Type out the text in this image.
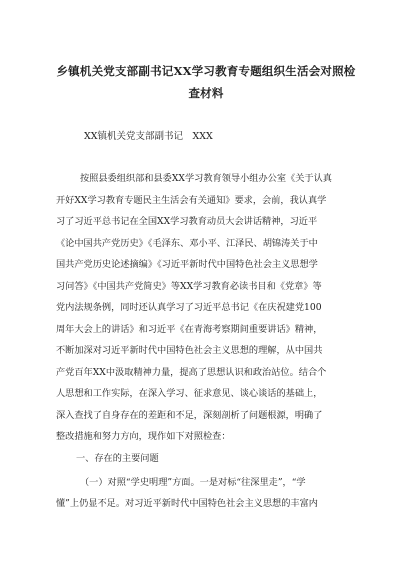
乡镇机关党支部副书记XX学习教育专题组织生活会对照检
查材料
XX镇机关党支部副书记　XXX

按照县委组织部和县委XX学习教育领导小组办公室《关于认真
开好XX学习教育专题民主生活会有关通知》要求，会前，我认真学
习了习近平总书记在全国XX学习教育动员大会讲话精神，习近平
《论中国共产党历史》《毛泽东、邓小平、江泽民、胡锦涛关于中
国共产党历史论述摘编》《习近平新时代中国特色社会主义思想学
习问答》《中国共产党简史》等XX学习教育必读书目和《党章》等
党内法规条例，同时还认真学习了习近平总书记《在庆祝建党100
周年大会上的讲话》和习近平《在青海考察期间重要讲话》精神，
不断加深对习近平新时代中国特色社会主义思想的理解，从中国共
产党百年XX中汲取精神力量，提高了思想认识和政治站位。结合个
人思想和工作实际，在深入学习、征求意见、谈心谈话的基础上，
深入查找了自身存在的差距和不足，深刻剖析了问题根源，明确了
整改措施和努力方向，现作如下对照检查：

一、存在的主要问题

（一）对照“学史明理”方面。一是对标“往深里走”，“学
懂”上仍显不足。对习近平新时代中国特色社会主义思想的丰富内
